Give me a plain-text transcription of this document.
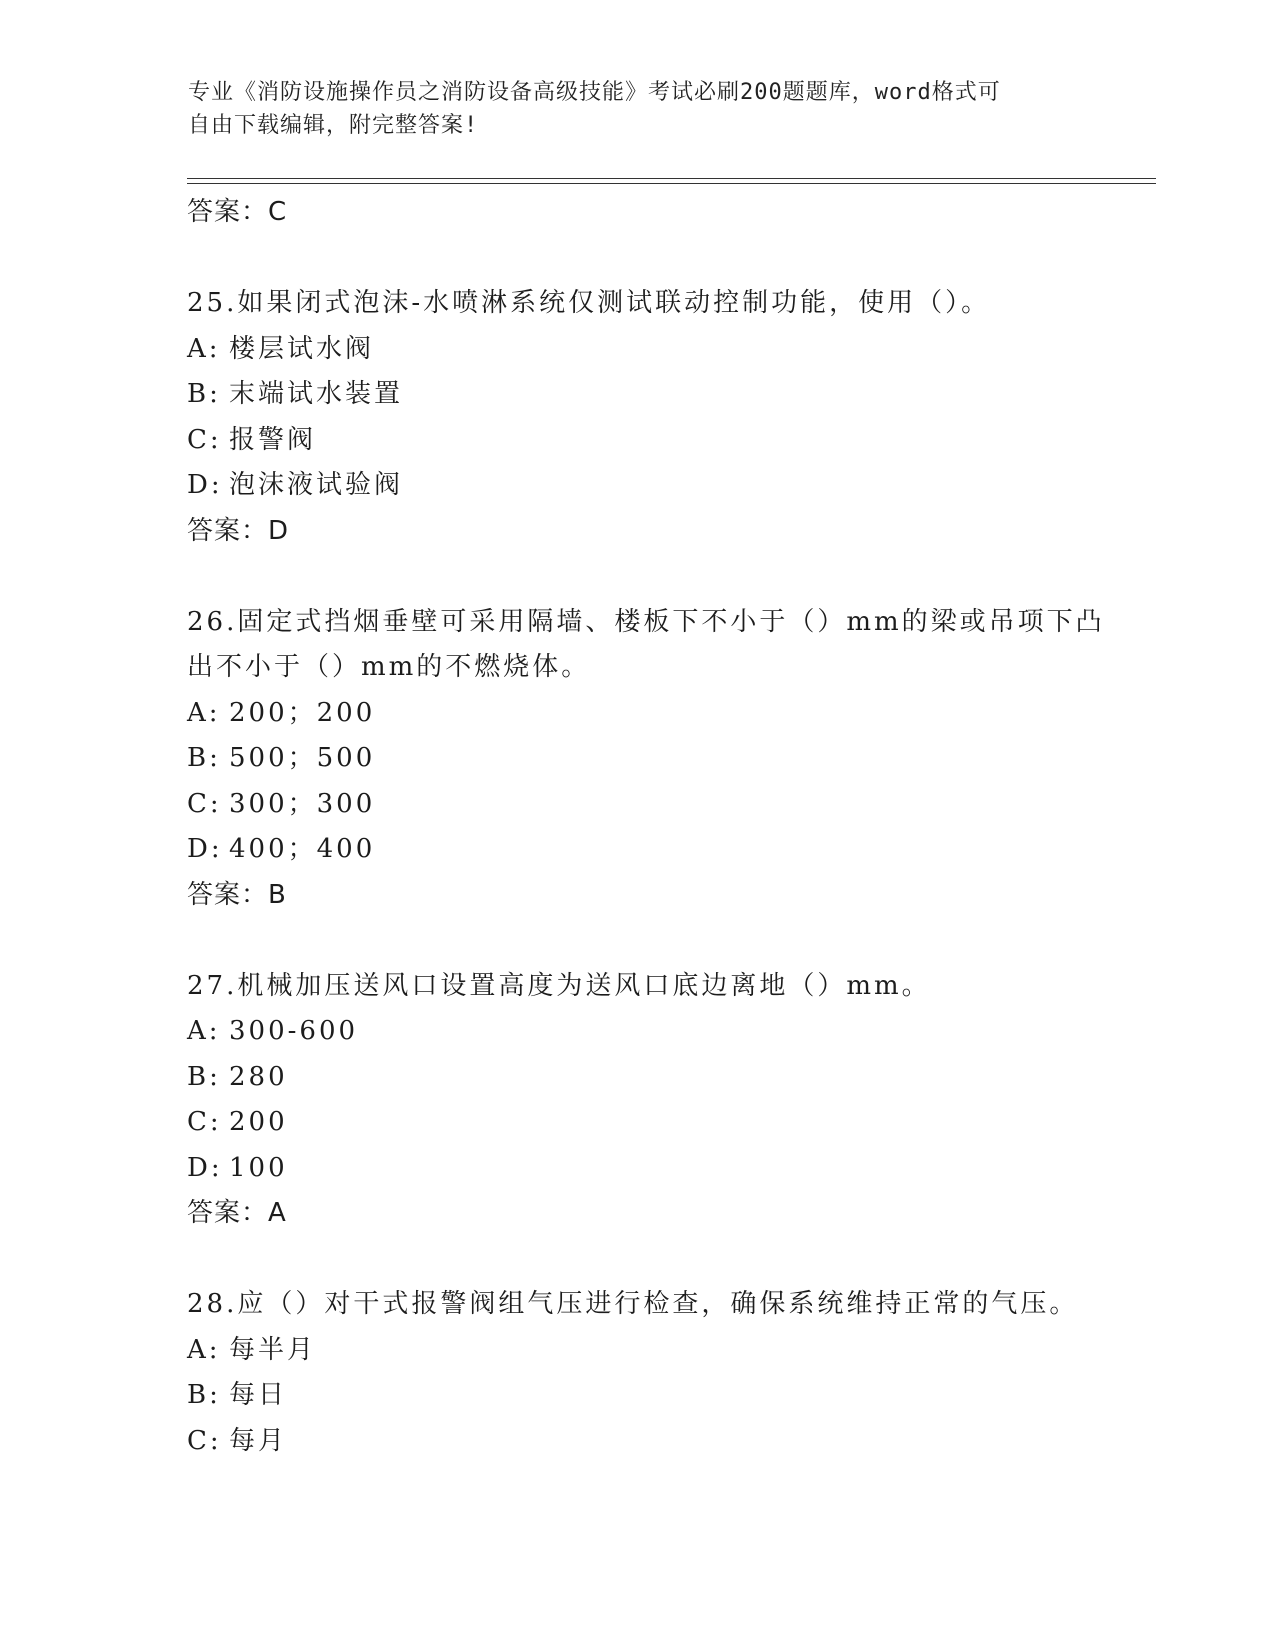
专业《消防设施操作员之消防设备高级技能》考试必刷200题题库，word格式可
自由下载编辑，附完整答案!
答案：C
25.如果闭式泡沫-水喷淋系统仅测试联动控制功能，使用（）。
A: 楼层试水阀
B: 末端试水装置
C: 报警阀
D: 泡沫液试验阀
答案：D
26.固定式挡烟垂壁可采用隔墙、楼板下不小于（）mm的梁或吊项下凸
出不小于（）mm的不燃烧体。
A: 200；200
B: 500；500
C: 300；300
D: 400；400
答案：B
27.机械加压送风口设置高度为送风口底边离地（）mm。
A: 300-600
B: 280
C: 200
D: 100
答案：A
28.应（）对干式报警阀组气压进行检查，确保系统维持正常的气压。
A: 每半月
B: 每日
C: 每月
